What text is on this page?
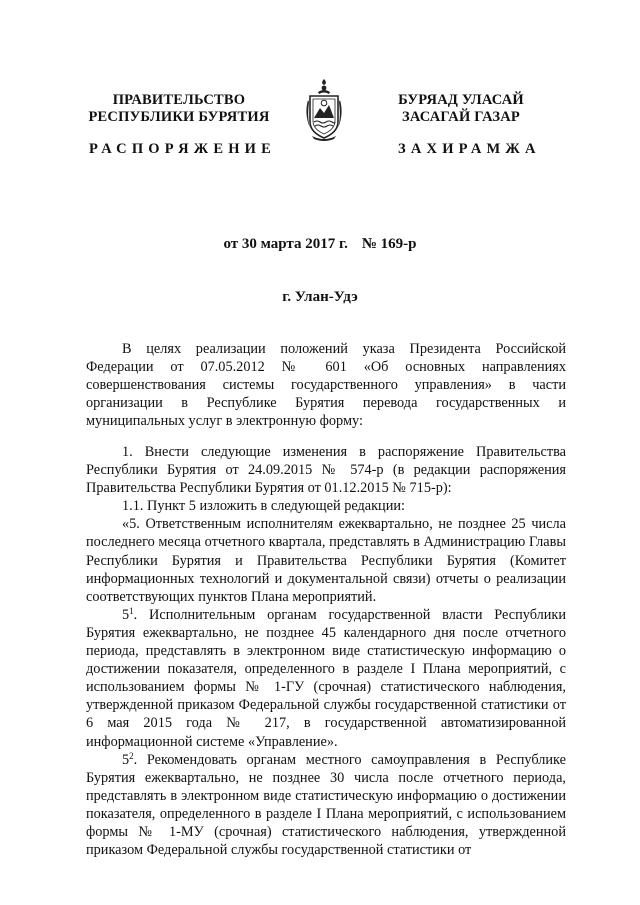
ПРАВИТЕЛЬСТВО
РЕСПУБЛИКИ БУРЯТИЯ
РАСПОРЯЖЕНИЕ
БУРЯАД УЛАСАЙ
ЗАСАГАЙ ГАЗАР
ЗАХИРАМЖА
от 30 марта 2017 г. № 169-р
г. Улан-Удэ

В целях реализации положений указа Президента Российской Федерации от 07.05.2012 № 601 «Об основных направлениях совершенствования системы государственного управления» в части организации в Республике Бурятия перевода государственных и муниципальных услуг в электронную форму:

1. Внести следующие изменения в распоряжение Правительства Республики Бурятия от 24.09.2015 № 574-р (в редакции распоряжения Правительства Республики Бурятия от 01.12.2015 № 715-р):

1.1. Пункт 5 изложить в следующей редакции:

«5. Ответственным исполнителям ежеквартально, не позднее 25 числа последнего месяца отчетного квартала, представлять в Администрацию Главы Республики Бурятия и Правительства Республики Бурятия (Комитет информационных технологий и документальной связи) отчеты о реализации соответствующих пунктов Плана мероприятий.

$5^1$. Исполнительным органам государственной власти Республики Бурятия ежеквартально, не позднее 45 календарного дня после отчетного периода, представлять в электронном виде статистическую информацию о достижении показателя, определенного в разделе I Плана мероприятий, с использованием формы № 1-ГУ (срочная) статистического наблюдения, утвержденной приказом Федеральной службы государственной статистики от 6 мая 2015 года № 217, в государственной автоматизированной информационной системе «Управление».

$5^2$. Рекомендовать органам местного самоуправления в Республике Бурятия ежеквартально, не позднее 30 числа после отчетного периода, представлять в электронном виде статистическую информацию о достижении показателя, определенного в разделе I Плана мероприятий, с использованием формы № 1-МУ (срочная) статистического наблюдения, утвержденной приказом Федеральной службы государственной статистики от
